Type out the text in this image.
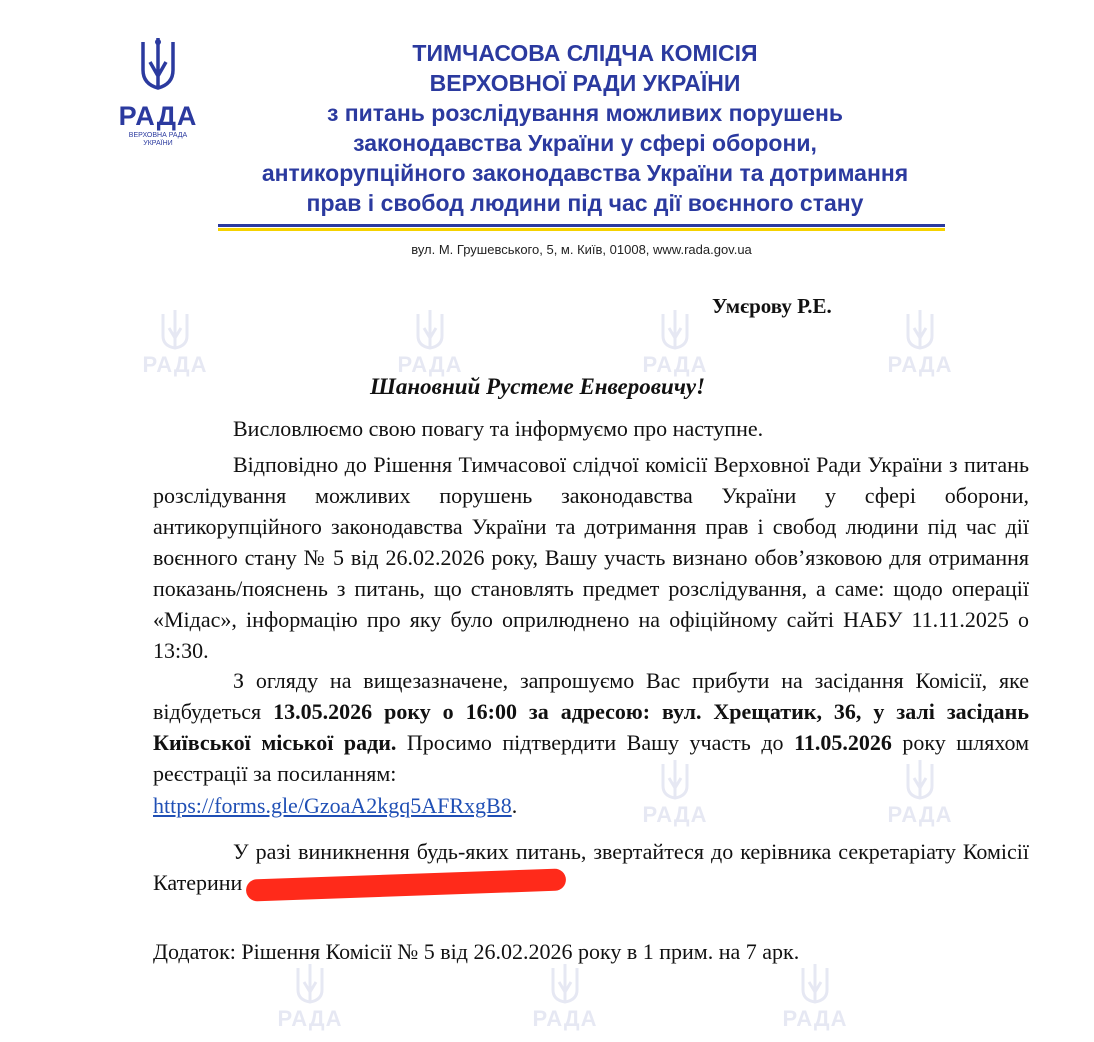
РАДА	РАДА	РАДА	РАДА
РАДА	РАДА
РАДА	РАДА	РАДА
РАДА
ВЕРХОВНА РАДА
УКРАЇНИ
ТИМЧАСОВА СЛІДЧА КОМІСІЯ
ВЕРХОВНОЇ РАДИ УКРАЇНИ
з питань розслідування можливих порушень
законодавства України у сфері оборони,
антикорупційного законодавства України та дотримання
прав і свобод людини під час дії воєнного стану
вул. М. Грушевського, 5, м. Київ, 01008, www.rada.gov.ua
Умєрову Р.Е.
Шановний Рустеме Енверовичу!
Висловлюємо свою повагу та інформуємо про наступне.
Відповідно до Рішення Тимчасової слідчої комісії Верховної Ради України з питань розслідування можливих порушень законодавства України у сфері оборони, антикорупційного законодавства України та дотримання прав і свобод людини під час дії воєнного стану № 5 від 26.02.2026 року, Вашу участь визнано обов’язковою для отримання показань/пояснень з питань, що становлять предмет розслідування, а саме: щодо операції «Мідас», інформацію про яку було оприлюднено на офіційному сайті НАБУ 11.11.2025 о 13:30.
З огляду на вищезазначене, запрошуємо Вас прибути на засідання Комісії, яке відбудеться 13.05.2026 року о 16:00 за адресою: вул. Хрещатик, 36, у залі засідань Київської міської ради. Просимо підтвердити Вашу участь до 11.05.2026 року шляхом реєстрації за посиланням:

https://forms.gle/GzoaA2kgq5AFRxgB8.
У разі виникнення будь-яких питань, звертайтеся до керівника секретаріату Комісії Катерини
Додаток: Рішення Комісії № 5 від 26.02.2026 року в 1 прим. на 7 арк.
